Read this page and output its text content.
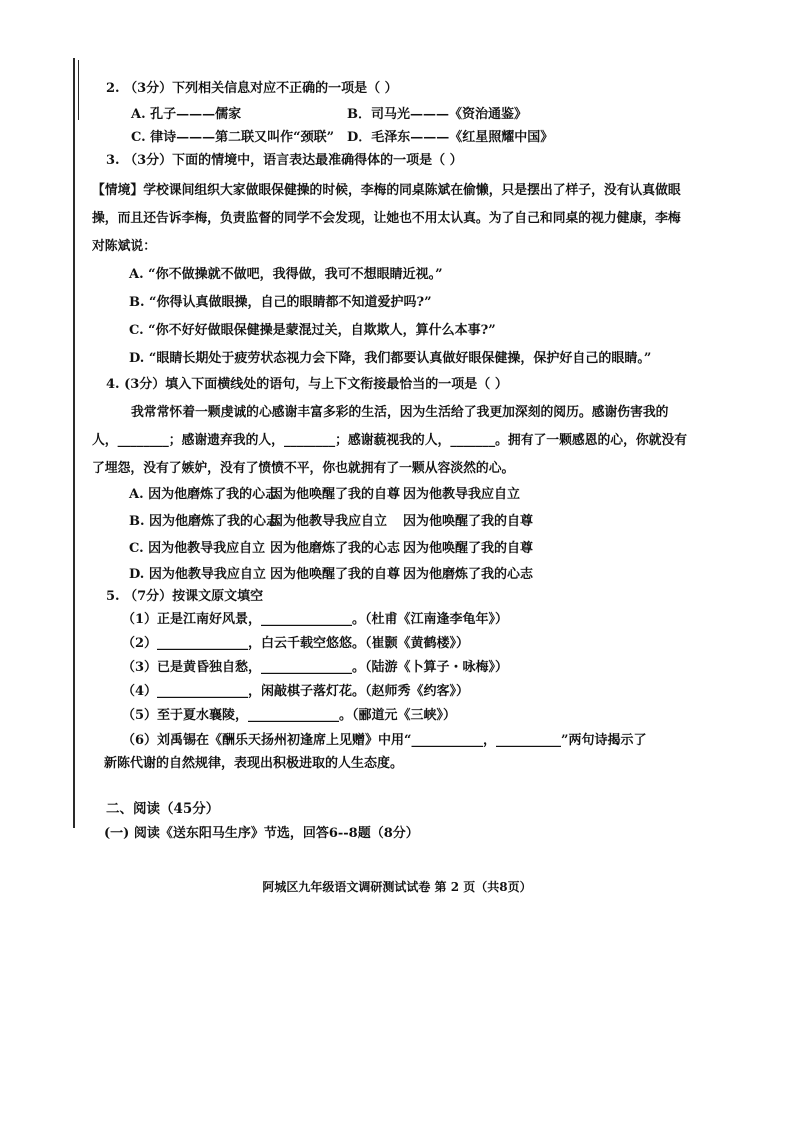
2. （3分）下列相关信息对应不正确的一项是（ ）
A. 孔子———儒家	B．司马光———《资治通鉴》
C. 律诗———第二联又叫作“颈联” D．毛泽东———《红星照耀中国》
3. （3分）下面的情境中，语言表达最准确得体的一项是（ ）
【情境】学校课间组织大家做眼保健操的时候，李梅的同桌陈斌在偷懒，只是摆出了样子，没有认真做眼
操，而且还告诉李梅，负责监督的同学不会发现，让她也不用太认真。为了自己和同桌的视力健康，李梅
对陈斌说：
A. “你不做操就不做吧，我得做，我可不想眼睛近视。”
B. “你得认真做眼操，自己的眼睛都不知道爱护吗?”
C. “你不好好做眼保健操是蒙混过关，自欺欺人，算什么本事?”
D. “眼睛长期处于疲劳状态视力会下降，我们都要认真做好眼保健操，保护好自己的眼睛。”
4. (3分）填入下面横线处的语句，与上下文衔接最恰当的一项是（ ）
我常常怀着一颗虔诚的心感谢丰富多彩的生活，因为生活给了我更加深刻的阅历。感谢伤害我的
人，________；感谢遗弃我的人，________；感谢藐视我的人，_______。拥有了一颗感恩的心，你就没有
了埋怨，没有了嫉妒，没有了愤愤不平，你也就拥有了一颗从容淡然的心。
A. 因为他磨炼了我的心志
因为他唤醒了我的自尊 因为他教导我应自立
B. 因为他磨炼了我的心志
因为他教导我应自立 因为他唤醒了我的自尊
C. 因为他教导我应自立 因为他磨炼了我的心志 因为他唤醒了我的自尊
D. 因为他教导我应自立 因为他唤醒了我的自尊 因为他磨炼了我的心志
5. （7分）按课文原文填空
（1）正是江南好风景，______________。（杜甫《江南逢李龟年》）
（2）______________，白云千载空悠悠。（崔颢《黄鹤楼》）
（3）已是黄昏独自愁，______________。（陆游《卜算子・咏梅》）
（4）______________，闲敲棋子落灯花。（赵师秀《约客》）
（5）至于夏水襄陵，______________。（郦道元《三峡》）
（6）刘禹锡在《酬乐天扬州初逢席上见赠》中用“___________，__________”两句诗揭示了
新陈代谢的自然规律，表现出积极进取的人生态度。
二、阅读（45分）
(一) 阅读《送东阳马生序》节选，回答6--8题（8分）
阿城区九年级语文调研测试试卷 第 2 页（共8页）
